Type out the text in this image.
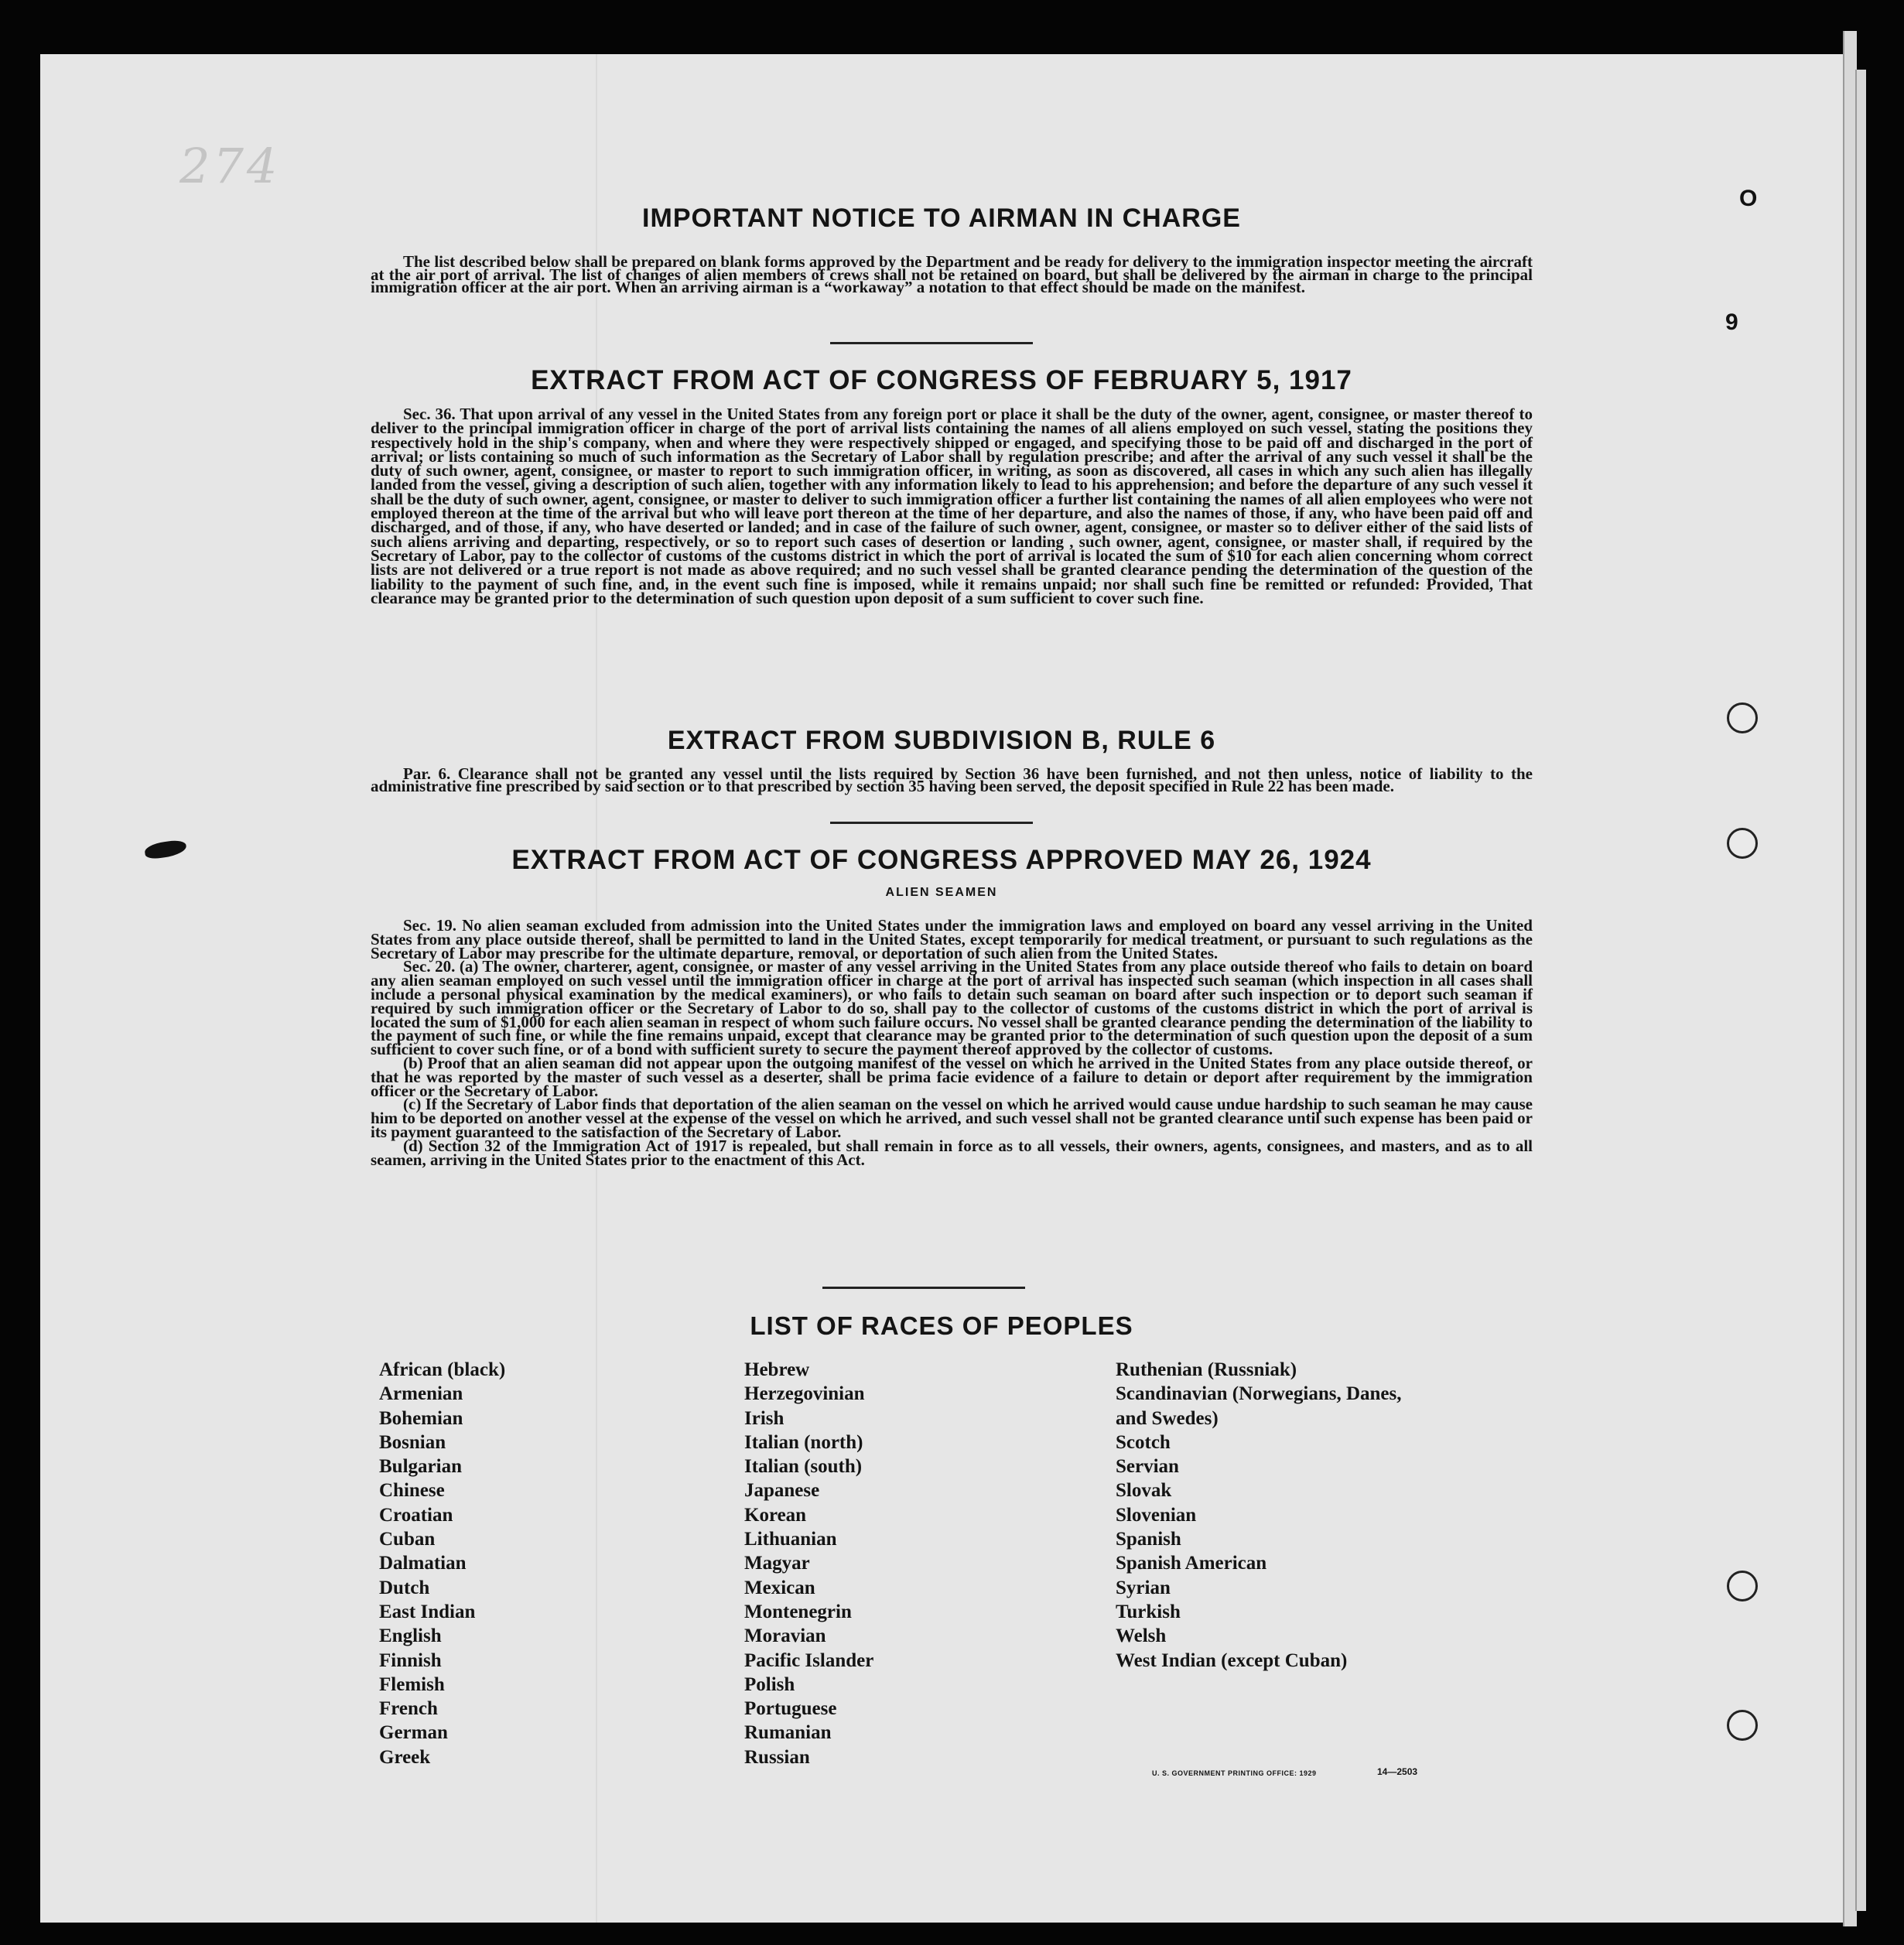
274
O
9
IMPORTANT NOTICE TO AIRMAN IN CHARGE

The list described below shall be prepared on blank forms approved by the Department and be ready for delivery to the immigration inspector meeting the aircraft at the air port of arrival. The list of changes of alien members of crews shall not be retained on board, but shall be delivered by the airman in charge to the principal immigration officer at the air port. When an arriving airman is a “workaway” a notation to that effect should be made on the manifest.

EXTRACT FROM ACT OF CONGRESS OF FEBRUARY 5, 1917

Sec. 36. That upon arrival of any vessel in the United States from any foreign port or place it shall be the duty of the owner, agent, consignee, or master thereof to deliver to the principal immigration officer in charge of the port of arrival lists containing the names of all aliens employed on such vessel, stating the positions they respectively hold in the ship's company, when and where they were respectively shipped or engaged, and specifying those to be paid off and discharged in the port of arrival; or lists containing so much of such information as the Secretary of Labor shall by regulation prescribe; and after the arrival of any such vessel it shall be the duty of such owner, agent, consignee, or master to report to such immigration officer, in writing, as soon as discovered, all cases in which any such alien has illegally landed from the vessel, giving a description of such alien, together with any information likely to lead to his apprehension; and before the departure of any such vessel it shall be the duty of such owner, agent, consignee, or master to deliver to such immigration officer a further list containing the names of all alien employees who were not employed thereon at the time of the arrival but who will leave port thereon at the time of her departure, and also the names of those, if any, who have been paid off and discharged, and of those, if any, who have deserted or landed; and in case of the failure of such owner, agent, consignee, or master so to deliver either of the said lists of such aliens arriving and departing, respectively, or so to report such cases of desertion or landing , such owner, agent, consignee, or master shall, if required by the Secretary of Labor, pay to the collector of customs of the customs district in which the port of arrival is located the sum of $10 for each alien concerning whom correct lists are not delivered or a true report is not made as above required; and no such vessel shall be granted clearance pending the determination of the question of the liability to the payment of such fine, and, in the event such fine is imposed, while it remains unpaid; nor shall such fine be remitted or refunded: Provided, That clearance may be granted prior to the determination of such question upon deposit of a sum sufficient to cover such fine.

EXTRACT FROM SUBDIVISION B, RULE 6

Par. 6. Clearance shall not be granted any vessel until the lists required by Section 36 have been furnished, and not then unless, notice of liability to the administrative fine prescribed by said section or to that prescribed by section 35 having been served, the deposit specified in Rule 22 has been made.

EXTRACT FROM ACT OF CONGRESS APPROVED MAY 26, 1924
ALIEN SEAMEN
Sec. 19. No alien seaman excluded from admission into the United States under the immigration laws and employed on board any vessel arriving in the United States from any place outside thereof, shall be permitted to land in the United States, except temporarily for medical treatment, or pursuant to such regulations as the Secretary of Labor may prescribe for the ultimate departure, removal, or deportation of such alien from the United States.
Sec. 20. (a) The owner, charterer, agent, consignee, or master of any vessel arriving in the United States from any place outside thereof who fails to detain on board any alien seaman employed on such vessel until the immigration officer in charge at the port of arrival has inspected such seaman (which inspection in all cases shall include a personal physical examination by the medical examiners), or who fails to detain such seaman on board after such inspection or to deport such seaman if required by such immigration officer or the Secretary of Labor to do so, shall pay to the collector of customs of the customs district in which the port of arrival is located the sum of $1,000 for each alien seaman in respect of whom such failure occurs. No vessel shall be granted clearance pending the determination of the liability to the payment of such fine, or while the fine remains unpaid, except that clearance may be granted prior to the determination of such question upon the deposit of a sum sufficient to cover such fine, or of a bond with sufficient surety to secure the payment thereof approved by the collector of customs.
(b) Proof that an alien seaman did not appear upon the outgoing manifest of the vessel on which he arrived in the United States from any place outside thereof, or that he was reported by the master of such vessel as a deserter, shall be prima facie evidence of a failure to detain or deport after requirement by the immigration officer or the Secretary of Labor.
(c) If the Secretary of Labor finds that deportation of the alien seaman on the vessel on which he arrived would cause undue hardship to such seaman he may cause him to be deported on another vessel at the expense of the vessel on which he arrived, and such vessel shall not be granted clearance until such expense has been paid or its payment guaranteed to the satisfaction of the Secretary of Labor.
(d) Section 32 of the Immigration Act of 1917 is repealed, but shall remain in force as to all vessels, their owners, agents, consignees, and masters, and as to all seamen, arriving in the United States prior to the enactment of this Act.
LIST OF RACES OF PEOPLES
African (black)
Armenian
Bohemian
Bosnian
Bulgarian
Chinese
Croatian
Cuban
Dalmatian
Dutch
East Indian
English
Finnish
Flemish
French
German
Greek
Hebrew
Herzegovinian
Irish
Italian (north)
Italian (south)
Japanese
Korean
Lithuanian
Magyar
Mexican
Montenegrin
Moravian
Pacific Islander
Polish
Portuguese
Rumanian
Russian
Ruthenian (Russniak)
Scandinavian (Norwegians, Danes,
and Swedes)
Scotch
Servian
Slovak
Slovenian
Spanish
Spanish American
Syrian
Turkish
Welsh
West Indian (except Cuban)
U. S. GOVERNMENT PRINTING OFFICE: 1929	14—2503
